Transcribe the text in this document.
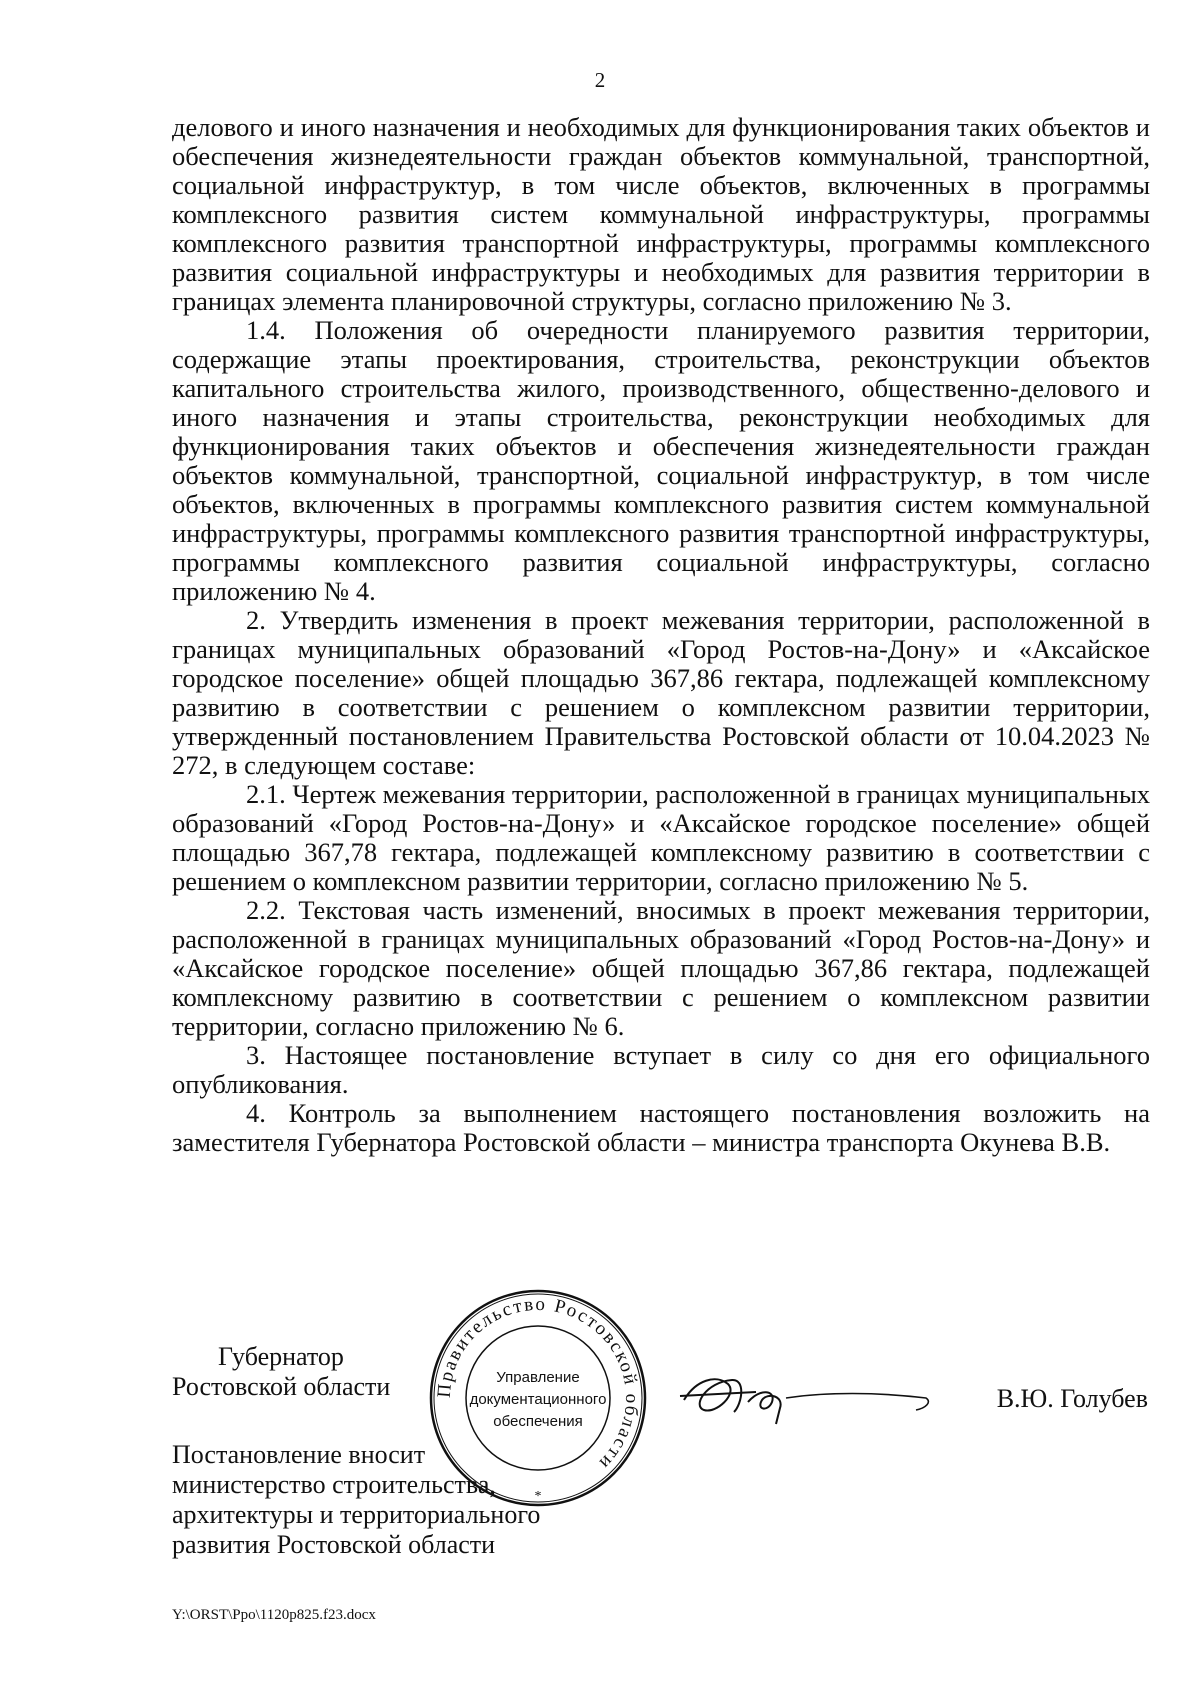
2

делового и иного назначения и необходимых для функционирования таких объектов и обеспечения жизнедеятельности граждан объектов коммунальной, транспортной, социальной инфраструктур, в том числе объектов, включенных в программы комплексного развития систем коммунальной инфраструктуры, программы комплексного развития транспортной инфраструктуры, программы комплексного развития социальной инфраструктуры и необходимых для развития территории в границах элемента планировочной структуры, согласно приложению № 3.

1.4. Положения об очередности планируемого развития территории, содержащие этапы проектирования, строительства, реконструкции объектов капитального строительства жилого, производственного, общественно-делового и иного назначения и этапы строительства, реконструкции необходимых для функционирования таких объектов и обеспечения жизнедеятельности граждан объектов коммунальной, транспортной, социальной инфраструктур, в том числе объектов, включенных в программы комплексного развития систем коммунальной инфраструктуры, программы комплексного развития транспортной инфраструктуры, программы комплексного развития социальной инфраструктуры, согласно приложению № 4.

2. Утвердить изменения в проект межевания территории, расположенной в границах муниципальных образований «Город Ростов-на-Дону» и «Аксайское городское поселение» общей площадью 367,86 гектара, подлежащей комплексному развитию в соответствии с решением о комплексном развитии территории, утвержденный постановлением Правительства Ростовской области от 10.04.2023 № 272, в следующем составе:

2.1. Чертеж межевания территории, расположенной в границах муниципальных образований «Город Ростов-на-Дону» и «Аксайское городское поселение» общей площадью 367,78 гектара, подлежащей комплексному развитию в соответствии с решением о комплексном развитии территории, согласно приложению № 5.

2.2. Текстовая часть изменений, вносимых в проект межевания территории, расположенной в границах муниципальных образований «Город Ростов-на-Дону» и «Аксайское городское поселение» общей площадью 367,86 гектара, подлежащей комплексному развитию в соответствии с решением о комплексном развитии территории, согласно приложению № 6.

3. Настоящее постановление вступает в силу со дня его официального опубликования.

4. Контроль за выполнением настоящего постановления возложить на заместителя Губернатора Ростовской области – министра транспорта Окунева В.В.

Губернатор
Ростовской области Правительство Ростовской области
Управление
документационного
обеспечения
*
В.Ю. Голубев
Постановление вносит
министерство строительства,
архитектуры и территориального
развития Ростовской области
Y:\ORST\Ppo\1120p825.f23.docx
